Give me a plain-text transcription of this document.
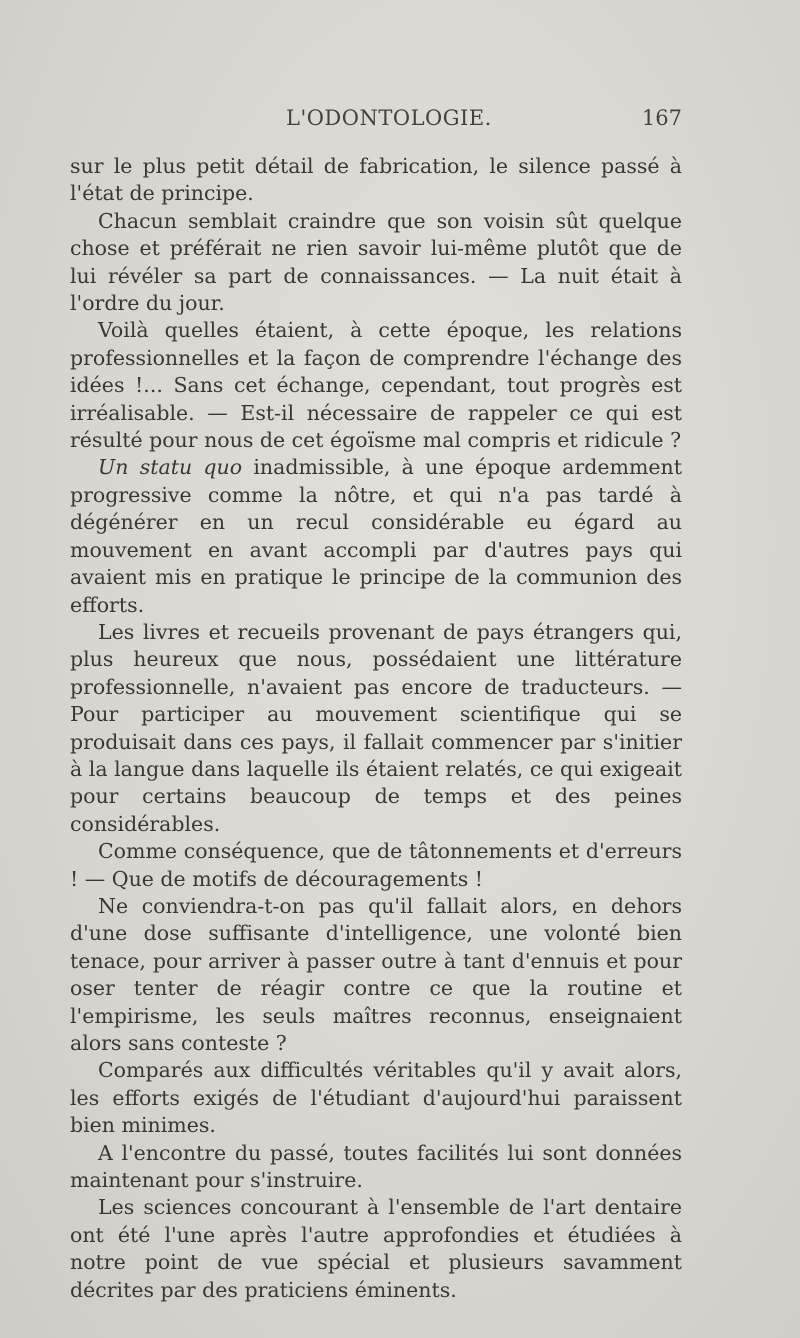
L'ODONTOLOGIE.	167

sur le plus petit détail de fabrication, le silence passé à l'état de principe.

Chacun semblait craindre que son voisin sût quelque chose et préférait ne rien savoir lui-même plutôt que de lui révéler sa part de connaissances. — La nuit était à l'ordre du jour.

Voilà quelles étaient, à cette époque, les relations professionnelles et la façon de comprendre l'échange des idées !... Sans cet échange, cependant, tout progrès est irréalisable. — Est-il nécessaire de rappeler ce qui est résulté pour nous de cet égoïsme mal compris et ridicule ?

Un statu quo inadmissible, à une époque ardemment progressive comme la nôtre, et qui n'a pas tardé à dégénérer en un recul considérable eu égard au mouvement en avant accompli par d'autres pays qui avaient mis en pratique le principe de la communion des efforts.

Les livres et recueils provenant de pays étrangers qui, plus heureux que nous, possédaient une littérature professionnelle, n'avaient pas encore de traducteurs. — Pour participer au mouvement scientifique qui se produisait dans ces pays, il fallait commencer par s'initier à la langue dans laquelle ils étaient relatés, ce qui exigeait pour certains beaucoup de temps et des peines considérables.

Comme conséquence, que de tâtonnements et d'erreurs ! — Que de motifs de découragements !

Ne conviendra-t-on pas qu'il fallait alors, en dehors d'une dose suffisante d'intelligence, une volonté bien tenace, pour arriver à passer outre à tant d'ennuis et pour oser tenter de réagir contre ce que la routine et l'empirisme, les seuls maîtres reconnus, enseignaient alors sans conteste ?

Comparés aux difficultés véritables qu'il y avait alors, les efforts exigés de l'étudiant d'aujourd'hui paraissent bien minimes.

A l'encontre du passé, toutes facilités lui sont données maintenant pour s'instruire.

Les sciences concourant à l'ensemble de l'art dentaire ont été l'une après l'autre approfondies et étudiées à notre point de vue spécial et plusieurs savamment décrites par des praticiens éminents.
